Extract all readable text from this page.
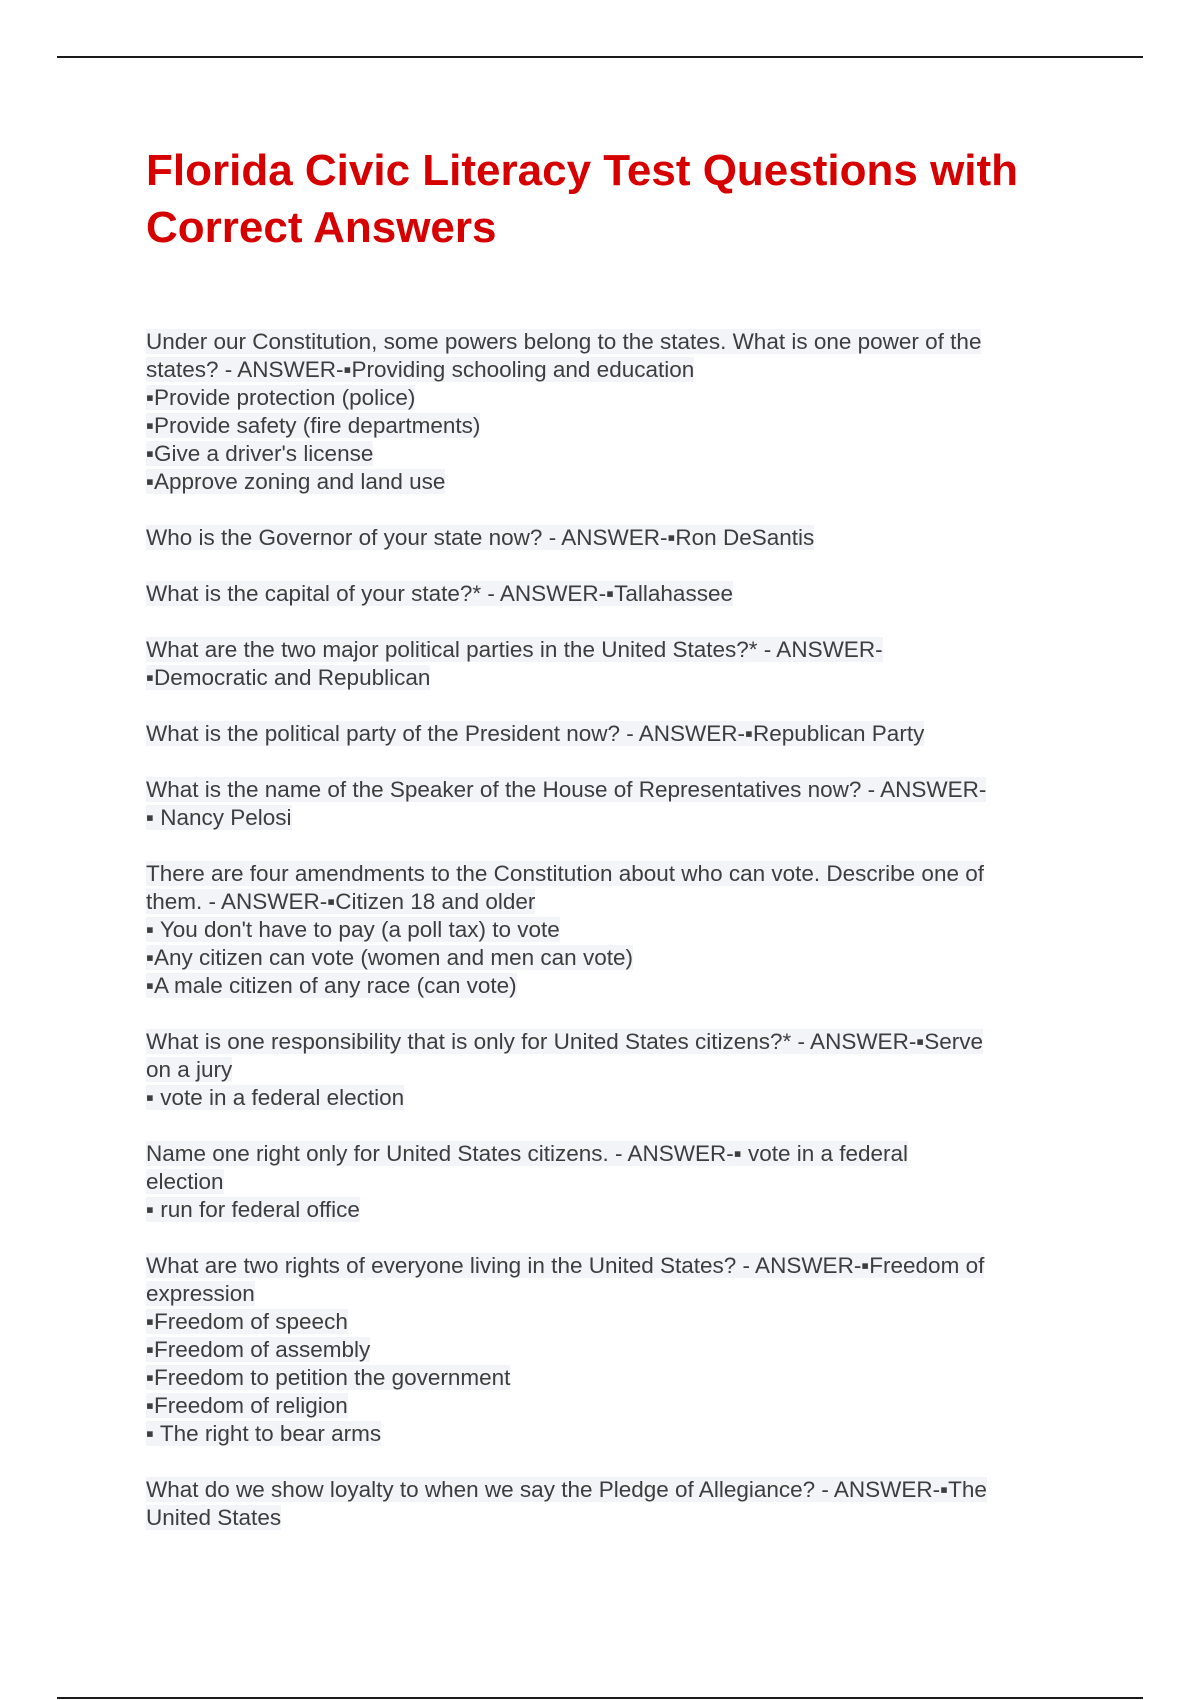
Florida Civic Literacy Test Questions with Correct Answers
Under our Constitution, some powers belong to the states. What is one power of the
states? - ANSWER-▪Providing schooling and education
▪Provide protection (police)
▪Provide safety (fire departments)
▪Give a driver's license
▪Approve zoning and land use
Who is the Governor of your state now? - ANSWER-▪Ron DeSantis
What is the capital of your state?* - ANSWER-▪Tallahassee
What are the two major political parties in the United States?* - ANSWER-
▪Democratic and Republican
What is the political party of the President now? - ANSWER-▪Republican Party
What is the name of the Speaker of the House of Representatives now? - ANSWER-
▪ Nancy Pelosi
There are four amendments to the Constitution about who can vote. Describe one of
them. - ANSWER-▪Citizen 18 and older
▪ You don't have to pay (a poll tax) to vote
▪Any citizen can vote (women and men can vote)
▪A male citizen of any race (can vote)
What is one responsibility that is only for United States citizens?* - ANSWER-▪Serve
on a jury
▪ vote in a federal election
Name one right only for United States citizens. - ANSWER-▪ vote in a federal
election
▪ run for federal office
What are two rights of everyone living in the United States? - ANSWER-▪Freedom of
expression
▪Freedom of speech
▪Freedom of assembly
▪Freedom to petition the government
▪Freedom of religion
▪ The right to bear arms
What do we show loyalty to when we say the Pledge of Allegiance? - ANSWER-▪The
United States
